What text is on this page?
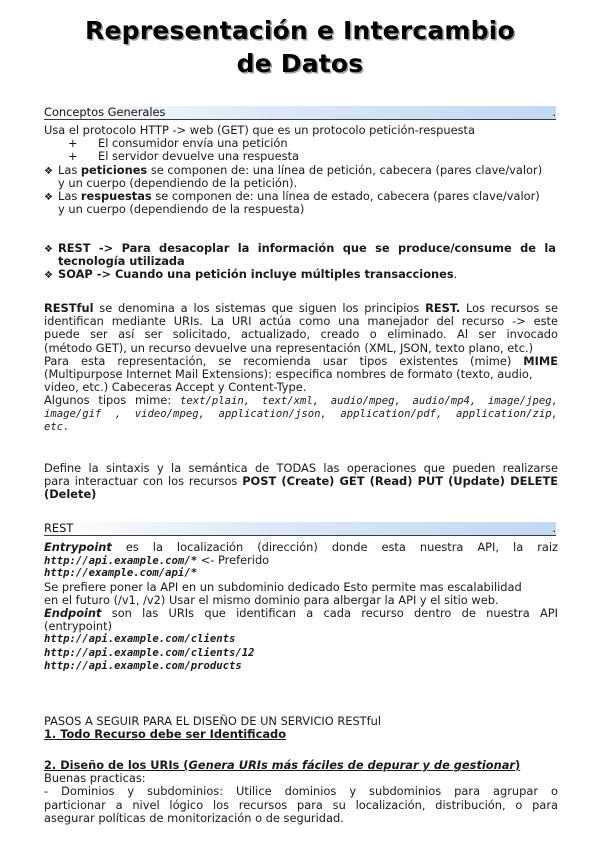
Representación e Intercambio
de Datos
Conceptos Generales	.
Usa el protocolo HTTP -> web (GET) que es un protocolo petición-respuesta
+ El consumidor envía una petición
+ El servidor devuelve una respuesta
❖ Las peticiones se componen de: una línea de petición, cabecera (pares clave/valor)
y un cuerpo (dependiendo de la petición).
❖ Las respuestas se componen de: una línea de estado, cabecera (pares clave/valor)
y un cuerpo (dependiendo de la respuesta)
❖ REST -> Para desacoplar la información que se produce/consume de la
tecnología utilizada
❖ SOAP -> Cuando una petición incluye múltiples transacciones.
RESTful se denomina a los sistemas que siguen los principios REST. Los recursos se
identifican mediante URIs. La URI actúa como una manejador del recurso -> este
puede ser así ser solicitado, actualizado, creado o eliminado. Al ser invocado
(método GET), un recurso devuelve una representación (XML, JSON, texto plano, etc.)
Para esta representación, se recomienda usar tipos existentes (mime) MIME
(Multipurpose Internet Mail Extensions): especifica nombres de formato (texto, audio,
video, etc.) Cabeceras Accept y Content-Type.
Algunos tipos mime: text/plain, text/xml, audio/mpeg, audio/mp4, image/jpeg,
image/gif , video/mpeg, application/json, application/pdf, application/zip,
etc.
Define la sintaxis y la semántica de TODAS las operaciones que pueden realizarse
para interactuar con los recursos POST (Create) GET (Read) PUT (Update) DELETE
(Delete)
REST	.
Entrypoint es la localización (dirección) donde esta nuestra API, la raiz
http://api.example.com/* <- Preferido
http://example.com/api/*
Se prefiere poner la API en un subdominio dedicado Esto permite mas escalabilidad
en el futuro (/v1, /v2) Usar el mismo dominio para albergar la API y el sitio web.
Endpoint son las URIs que identifican a cada recurso dentro de nuestra API
(entrypoint)
http://api.example.com/clients
http://api.example.com/clients/12
http://api.example.com/products
PASOS A SEGUIR PARA EL DISEÑO DE UN SERVICIO RESTful
1. Todo Recurso debe ser Identificado
2. Diseño de los URIs (Genera URIs más fáciles de depurar y de gestionar)
Buenas practicas:
- Dominios y subdominios: Utilice dominios y subdominios para agrupar o
particionar a nivel lógico los recursos para su localización, distribución, o para
asegurar políticas de monitorización o de seguridad.
